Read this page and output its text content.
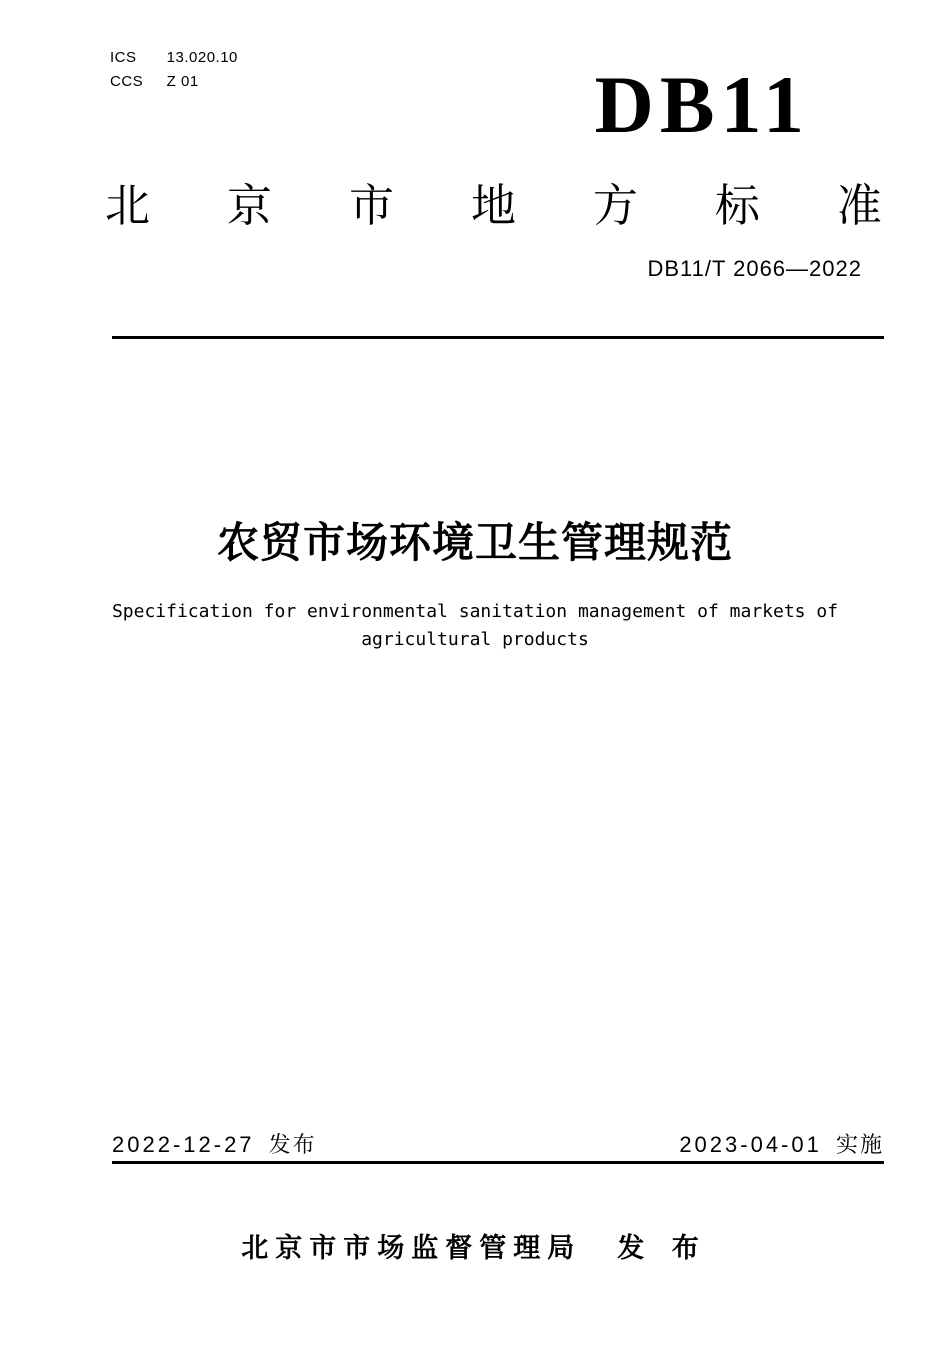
ICS 13.020.10
CCS Z 01	DB11
北 京 市 地 方 标 准
DB11/T 2066—2022
农贸市场环境卫生管理规范
Specification for environmental sanitation management of markets of
agricultural products
2022-12-27 发布	2023-04-01 实施
北京市市场监督管理局 发 布
